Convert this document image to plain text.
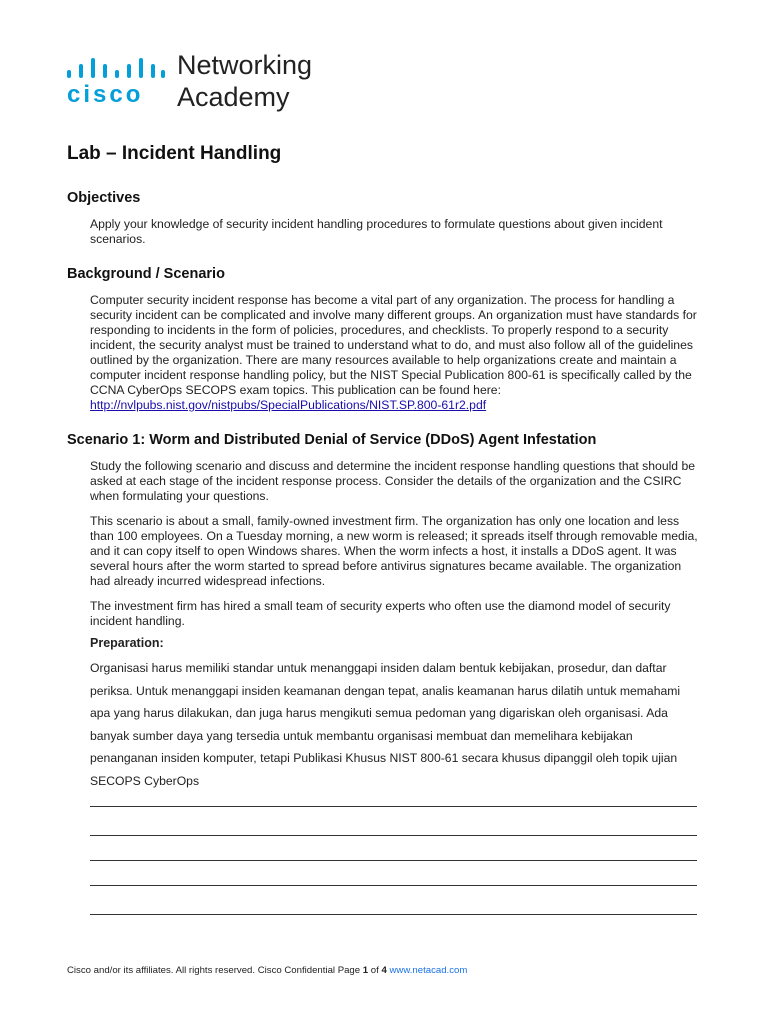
cisco
Networking
Academy
Lab – Incident Handling
Objectives
Apply your knowledge of security incident handling procedures to formulate questions about given incident scenarios.
Background / Scenario
Computer security incident response has become a vital part of any organization. The process for handling a security incident can be complicated and involve many different groups. An organization must have standards for responding to incidents in the form of policies, procedures, and checklists. To properly respond to a security incident, the security analyst must be trained to understand what to do, and must also follow all of the guidelines outlined by the organization. There are many resources available to help organizations create and maintain a computer incident response handling policy, but the NIST Special Publication 800-61 is specifically called by the CCNA CyberOps SECOPS exam topics. This publication can be found here:
http://nvlpubs.nist.gov/nistpubs/SpecialPublications/NIST.SP.800-61r2.pdf
Scenario 1: Worm and Distributed Denial of Service (DDoS) Agent Infestation
Study the following scenario and discuss and determine the incident response handling questions that should be asked at each stage of the incident response process. Consider the details of the organization and the CSIRC when formulating your questions.
This scenario is about a small, family-owned investment firm. The organization has only one location and less than 100 employees. On a Tuesday morning, a new worm is released; it spreads itself through removable media, and it can copy itself to open Windows shares. When the worm infects a host, it installs a DDoS agent. It was several hours after the worm started to spread before antivirus signatures became available. The organization had already incurred widespread infections.
The investment firm has hired a small team of security experts who often use the diamond model of security incident handling.
Preparation:
Organisasi harus memiliki standar untuk menanggapi insiden dalam bentuk kebijakan, prosedur, dan daftar periksa. Untuk menanggapi insiden keamanan dengan tepat, analis keamanan harus dilatih untuk memahami apa yang harus dilakukan, dan juga harus mengikuti semua pedoman yang digariskan oleh organisasi. Ada banyak sumber daya yang tersedia untuk membantu organisasi membuat dan memelihara kebijakan penanganan insiden komputer, tetapi Publikasi Khusus NIST 800-61 secara khusus dipanggil oleh topik ujian SECOPS CyberOps
Cisco and/or its affiliates. All rights reserved. Cisco Confidential Page 1 of 4 www.netacad.com
